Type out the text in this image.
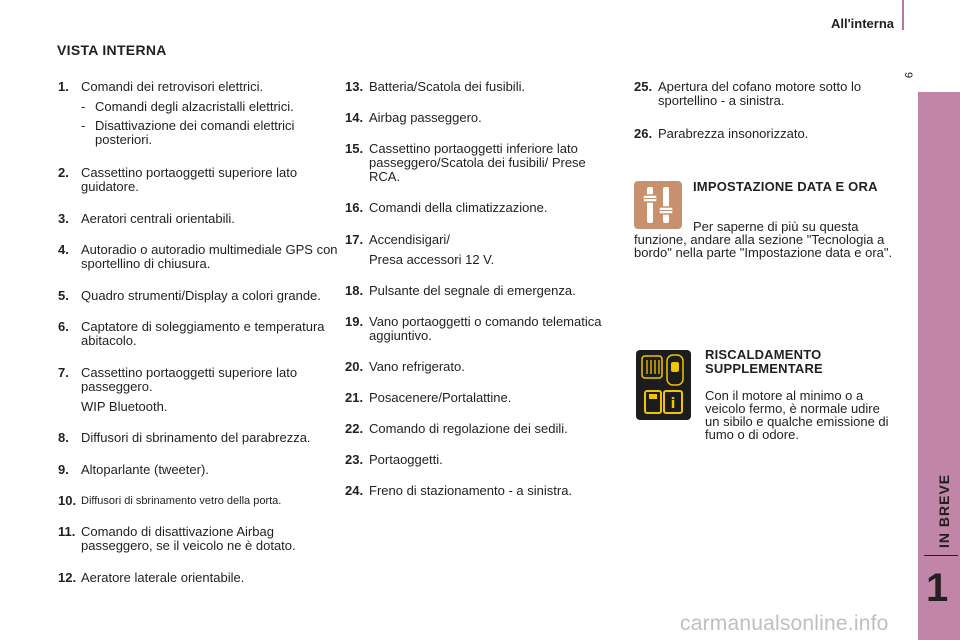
All'interna
9
IN BREVE
1
VISTA INTERNA
1. Comandi dei retrovisori elettrici.
- Comandi degli alzacristalli elettrici.
- Disattivazione dei comandi elettrici posteriori.
2. Cassettino portaoggetti superiore lato guidatore.
3. Aeratori centrali orientabili.
4. Autoradio o autoradio multimediale GPS con sportellino di chiusura.
5. Quadro strumenti/Display a colori grande.
6. Captatore di soleggiamento e temperatura abitacolo.
7. Cassettino portaoggetti superiore lato passeggero.
WIP Bluetooth.
8. Diffusori di sbrinamento del parabrezza.
9. Altoparlante (tweeter).
10. Diffusori di sbrinamento vetro della porta.
11. Comando di disattivazione Airbag passeggero, se il veicolo ne è dotato.
12. Aeratore laterale orientabile.
13. Batteria/Scatola dei fusibili.
14. Airbag passeggero.
15. Cassettino portaoggetti inferiore lato passeggero/Scatola dei fusibili/ Prese RCA.
16. Comandi della climatizzazione.
17. Accendisigari/
Presa accessori 12 V.
18. Pulsante del segnale di emergenza.
19. Vano portaoggetti o comando telematica aggiuntivo.
20. Vano refrigerato.
21. Posacenere/Portalattine.
22. Comando di regolazione dei sedili.
23. Portaoggetti.
24. Freno di stazionamento - a sinistra.
25. Apertura del cofano motore sotto lo sportellino - a sinistra.
26. Parabrezza insonorizzato.
IMPOSTAZIONE DATA E ORA
Per saperne di più su questa funzione, andare alla sezione "Tecnologia a bordo" nella parte "Impostazione data e ora".
i
RISCALDAMENTO SUPPLEMENTARE
Con il motore al minimo o a veicolo fermo, è normale udire un sibilo e qualche emissione di fumo o di odore.
carmanualsonline.info
